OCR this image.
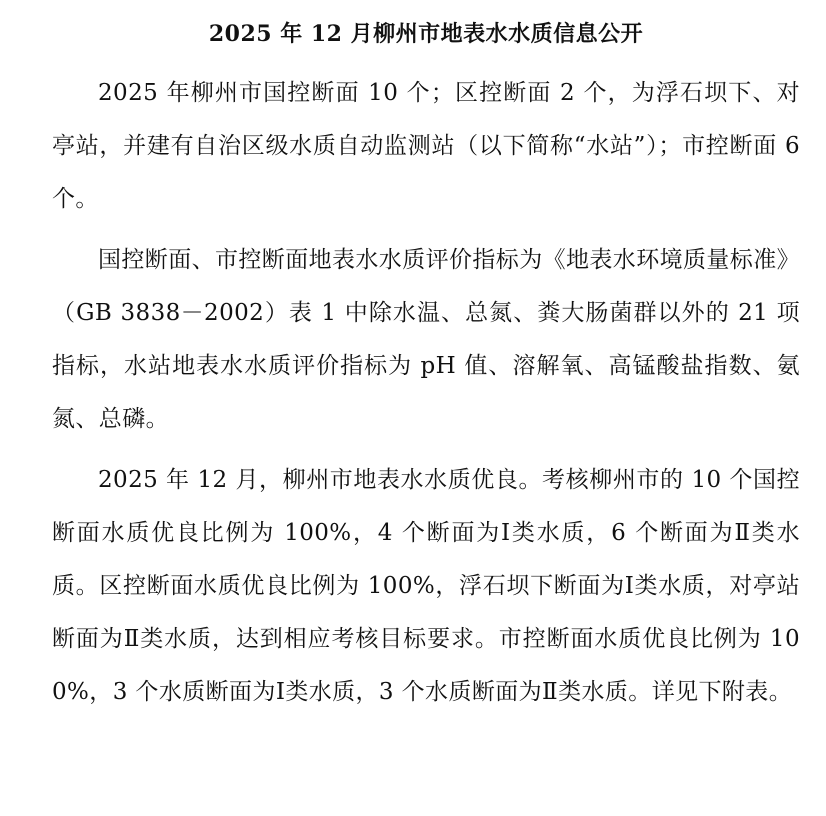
2025 年 12 月柳州市地表水水质信息公开

2025 年柳州市国控断面 10 个；区控断面 2 个，为浮石坝下、对亭站，并建有自治区级水质自动监测站（以下简称“水站”）；市控断面 6 个。

国控断面、市控断面地表水水质评价指标为《地表水环境质量标准》（GB 3838－2002）表 1 中除水温、总氮、粪大肠菌群以外的 21 项指标，水站地表水水质评价指标为 pH 值、溶解氧、高锰酸盐指数、氨氮、总磷。

2025 年 12 月，柳州市地表水水质优良。考核柳州市的 10 个国控断面水质优良比例为 100%，4 个断面为Ⅰ类水质，6 个断面为Ⅱ类水质。区控断面水质优良比例为 100%，浮石坝下断面为Ⅰ类水质，对亭站断面为Ⅱ类水质，达到相应考核目标要求。市控断面水质优良比例为 100%，3 个水质断面为Ⅰ类水质，3 个水质断面为Ⅱ类水质。详见下附表。
